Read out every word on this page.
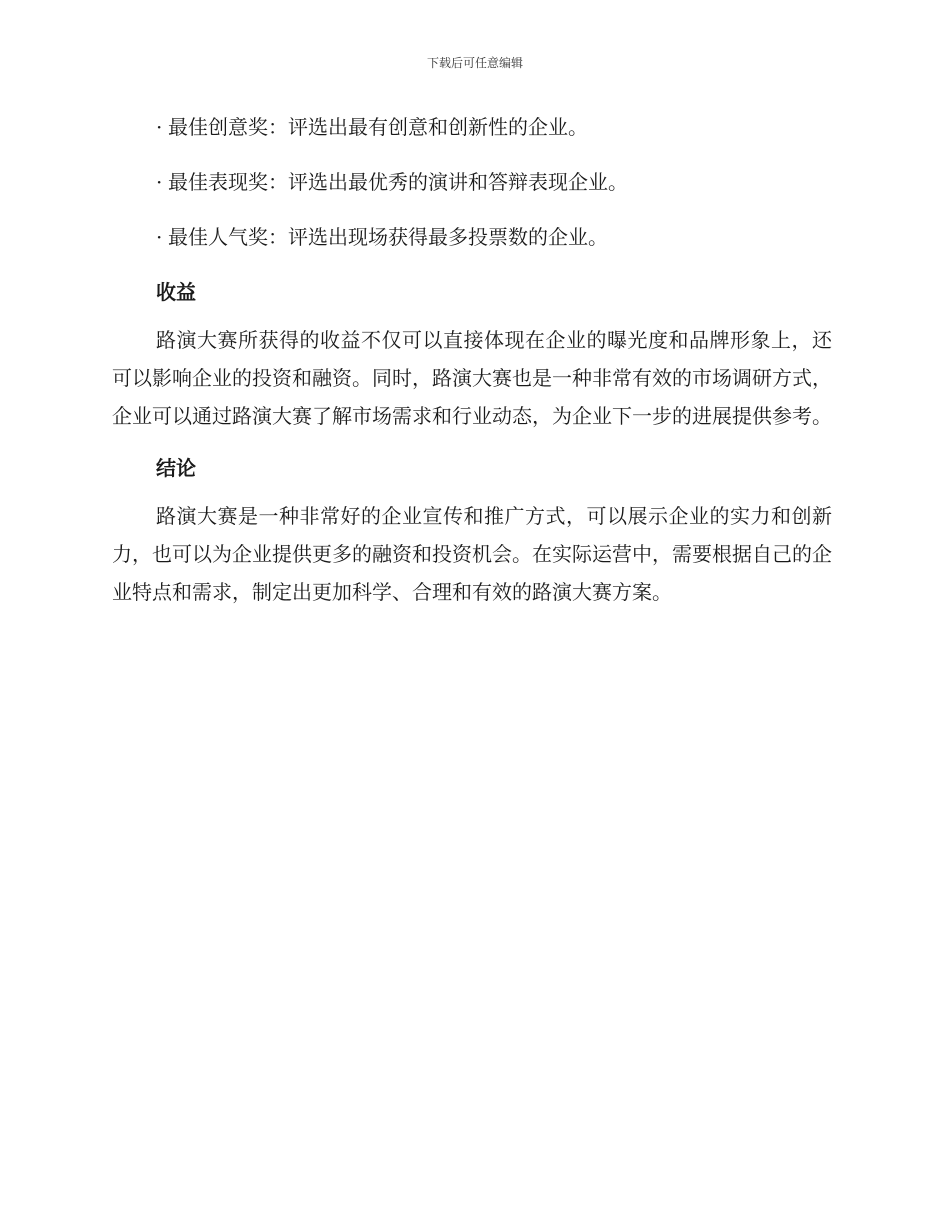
下载后可任意编辑

· 最佳创意奖：评选出最有创意和创新性的企业。

· 最佳表现奖：评选出最优秀的演讲和答辩表现企业。

· 最佳人气奖：评选出现场获得最多投票数的企业。

收益

路演大赛所获得的收益不仅可以直接体现在企业的曝光度和品牌形象上，还可以影响企业的投资和融资。同时，路演大赛也是一种非常有效的市场调研方式，企业可以通过路演大赛了解市场需求和行业动态，为企业下一步的进展提供参考。

结论

路演大赛是一种非常好的企业宣传和推广方式，可以展示企业的实力和创新力，也可以为企业提供更多的融资和投资机会。在实际运营中，需要根据自己的企业特点和需求，制定出更加科学、合理和有效的路演大赛方案。
